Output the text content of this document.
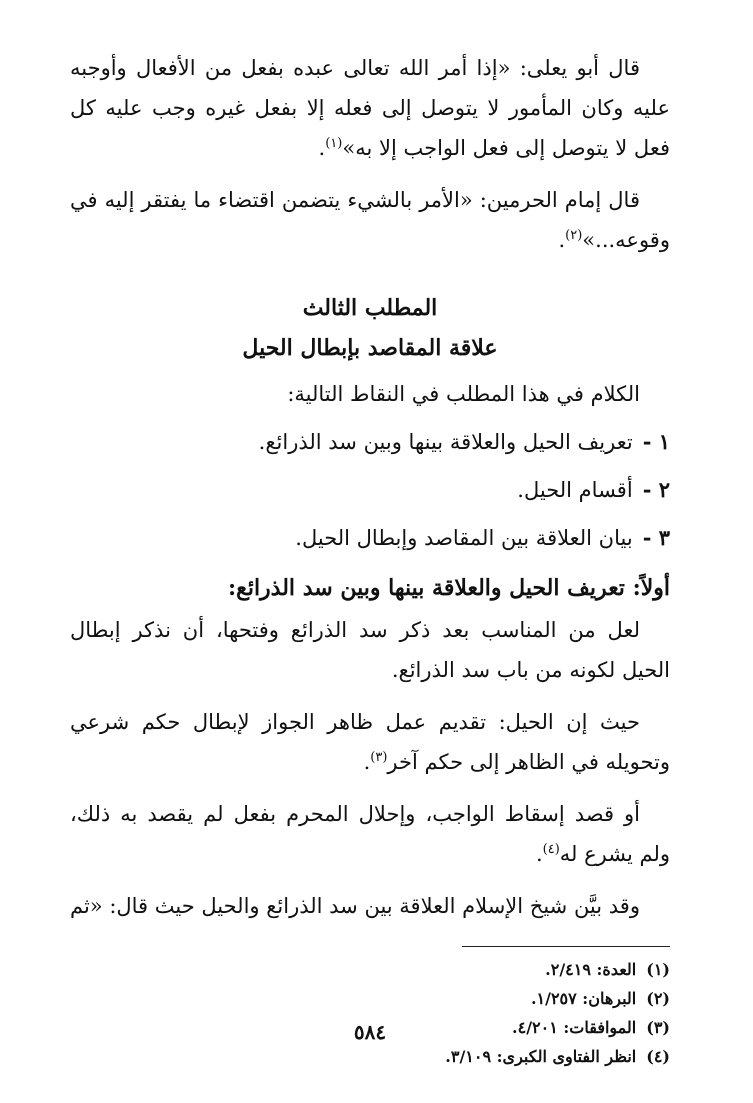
قال أبو يعلى: «إذا أمر الله تعالى عبده بفعل من الأفعال وأوجبه عليه وكان المأمور لا يتوصل إلى فعله إلا بفعل غيره وجب عليه كل فعل لا يتوصل إلى فعل الواجب إلا به»$^{(١)}$.

قال إمام الحرمين: «الأمر بالشيء يتضمن اقتضاء ما يفتقر إليه في وقوعه...»$^{(٢)}$.

المطلب الثالث

علاقة المقاصد بإبطال الحيل

الكلام في هذا المطلب في النقاط التالية:

١ -تعريف الحيل والعلاقة بينها وبين سد الذرائع.

٢ -أقسام الحيل.

٣ -بيان العلاقة بين المقاصد وإبطال الحيل.

أولاً: تعريف الحيل والعلاقة بينها وبين سد الذرائع:

لعل من المناسب بعد ذكر سد الذرائع وفتحها، أن نذكر إبطال الحيل لكونه من باب سد الذرائع.

حيث إن الحيل: تقديم عمل ظاهر الجواز لإبطال حكم شرعي وتحويله في الظاهر إلى حكم آخر$^{(٣)}$.

أو قصد إسقاط الواجب، وإحلال المحرم بفعل لم يقصد به ذلك، ولم يشرع له$^{(٤)}$.

وقد بيَّن شيخ الإسلام العلاقة بين سد الذرائع والحيل حيث قال: «ثم

(١)العدة: ٢/٤١٩.

(٢)البرهان: ١/٢٥٧.

(٣)الموافقات: ٤/٢٠١.

(٤)انظر الفتاوى الكبرى: ٣/١٠٩.

٥٨٤
